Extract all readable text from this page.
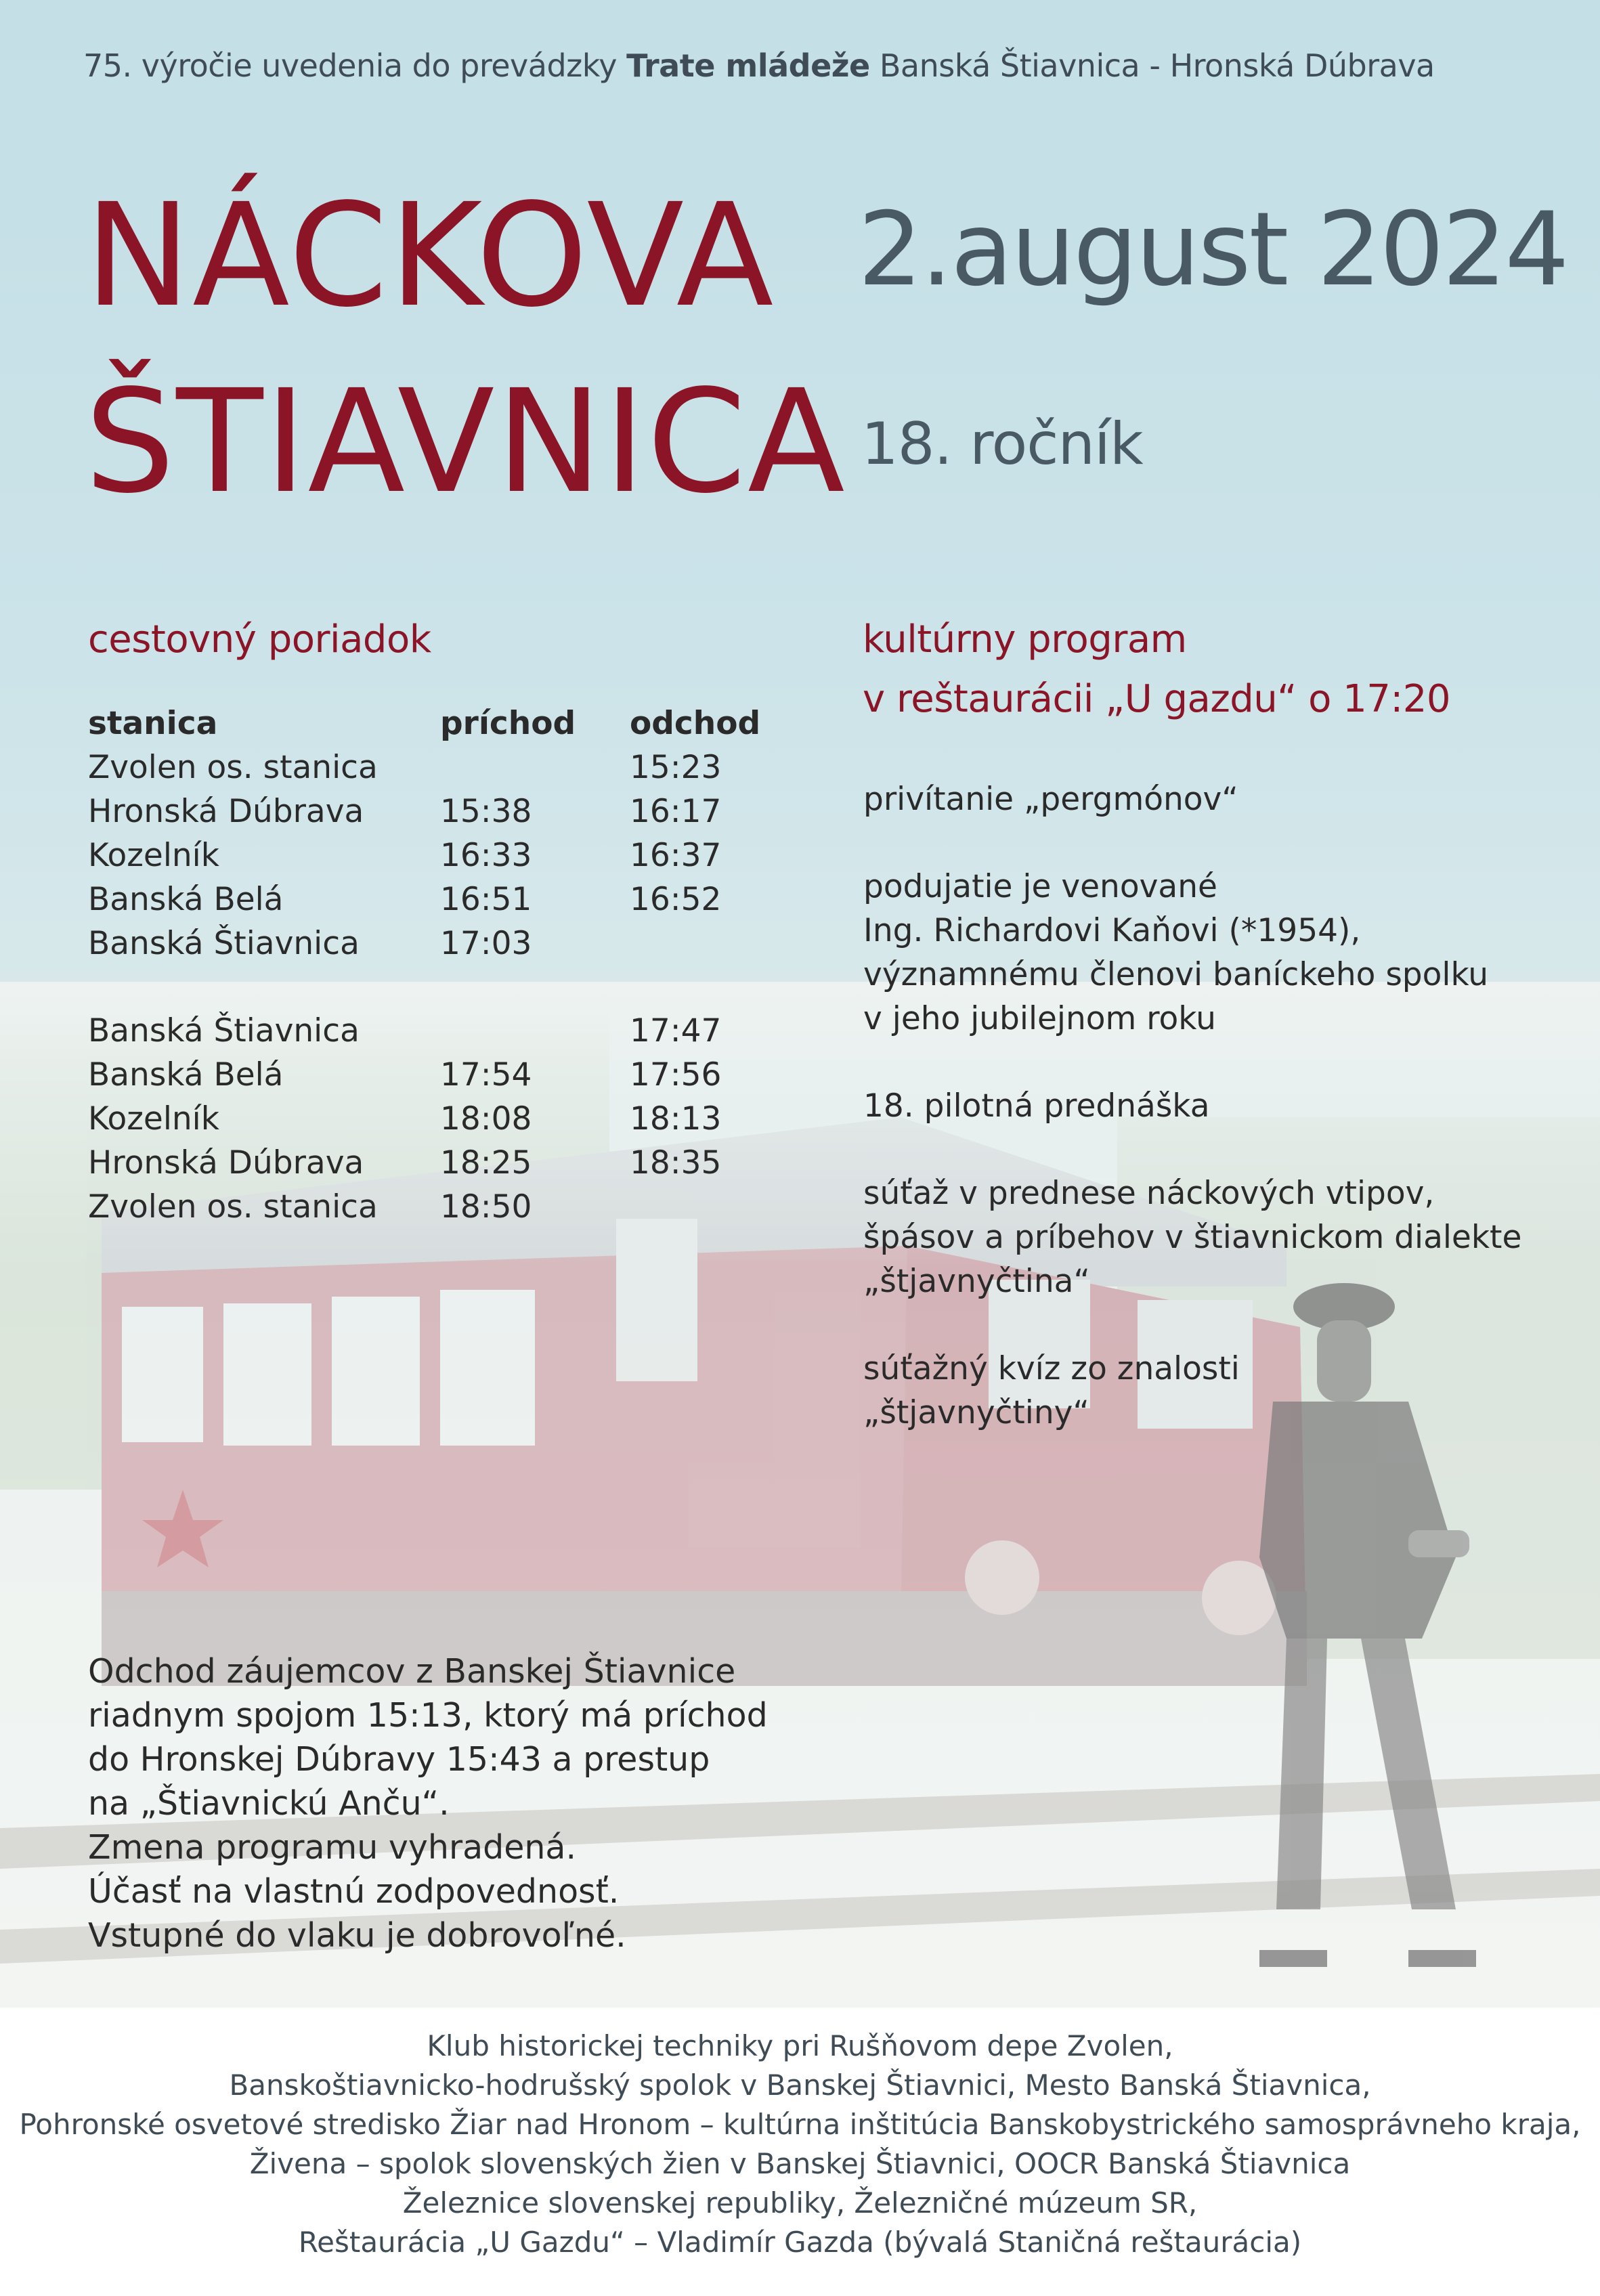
75. výročie uvedenia do prevádzky Trate mládeže Banská Štiavnica - Hronská Dúbrava
NÁCKOVA
ŠTIAVNICA
2.august 2024
18. ročník
cestovný poriadok
stanica	príchod	odchod
Zvolen os. stanica		15:23
Hronská Dúbrava	15:38	16:17
Kozelník	16:33	16:37
Banská Belá	16:51	16:52
Banská Štiavnica	17:03	

Banská Štiavnica		17:47
Banská Belá	17:54	17:56
Kozelník	18:08	18:13
Hronská Dúbrava	18:25	18:35
Zvolen os. stanica	18:50	
kultúrny program
v reštaurácii „U gazdu“ o 17:20

privítanie „pergmónov“

podujatie je venované
Ing. Richardovi Kaňovi (*1954),
významnému členovi baníckeho spolku
v jeho jubilejnom roku

18. pilotná prednáška

súťaž v prednese náckových vtipov,
špásov a príbehov v štiavnickom dialekte
„štjavnyčtina“

súťažný kvíz zo znalosti
„štjavnyčtiny“

Odchod záujemcov z Banskej Štiavnice
riadnym spojom 15:13, ktorý má príchod
do Hronskej Dúbravy 15:43 a prestup
na „Štiavnickú Anču“.
Zmena programu vyhradená.
Účasť na vlastnú zodpovednosť.
Vstupné do vlaku je dobrovoľné.
Klub historickej techniky pri Rušňovom depe Zvolen,
Banskoštiavnicko-hodrušský spolok v Banskej Štiavnici, Mesto Banská Štiavnica,
Pohronské osvetové stredisko Žiar nad Hronom – kultúrna inštitúcia Banskobystrického samosprávneho kraja,
Živena – spolok slovenských žien v Banskej Štiavnici, OOCR Banská Štiavnica
Železnice slovenskej republiky, Železničné múzeum SR,
Reštaurácia „U Gazdu“ – Vladimír Gazda (bývalá Staničná reštaurácia)
